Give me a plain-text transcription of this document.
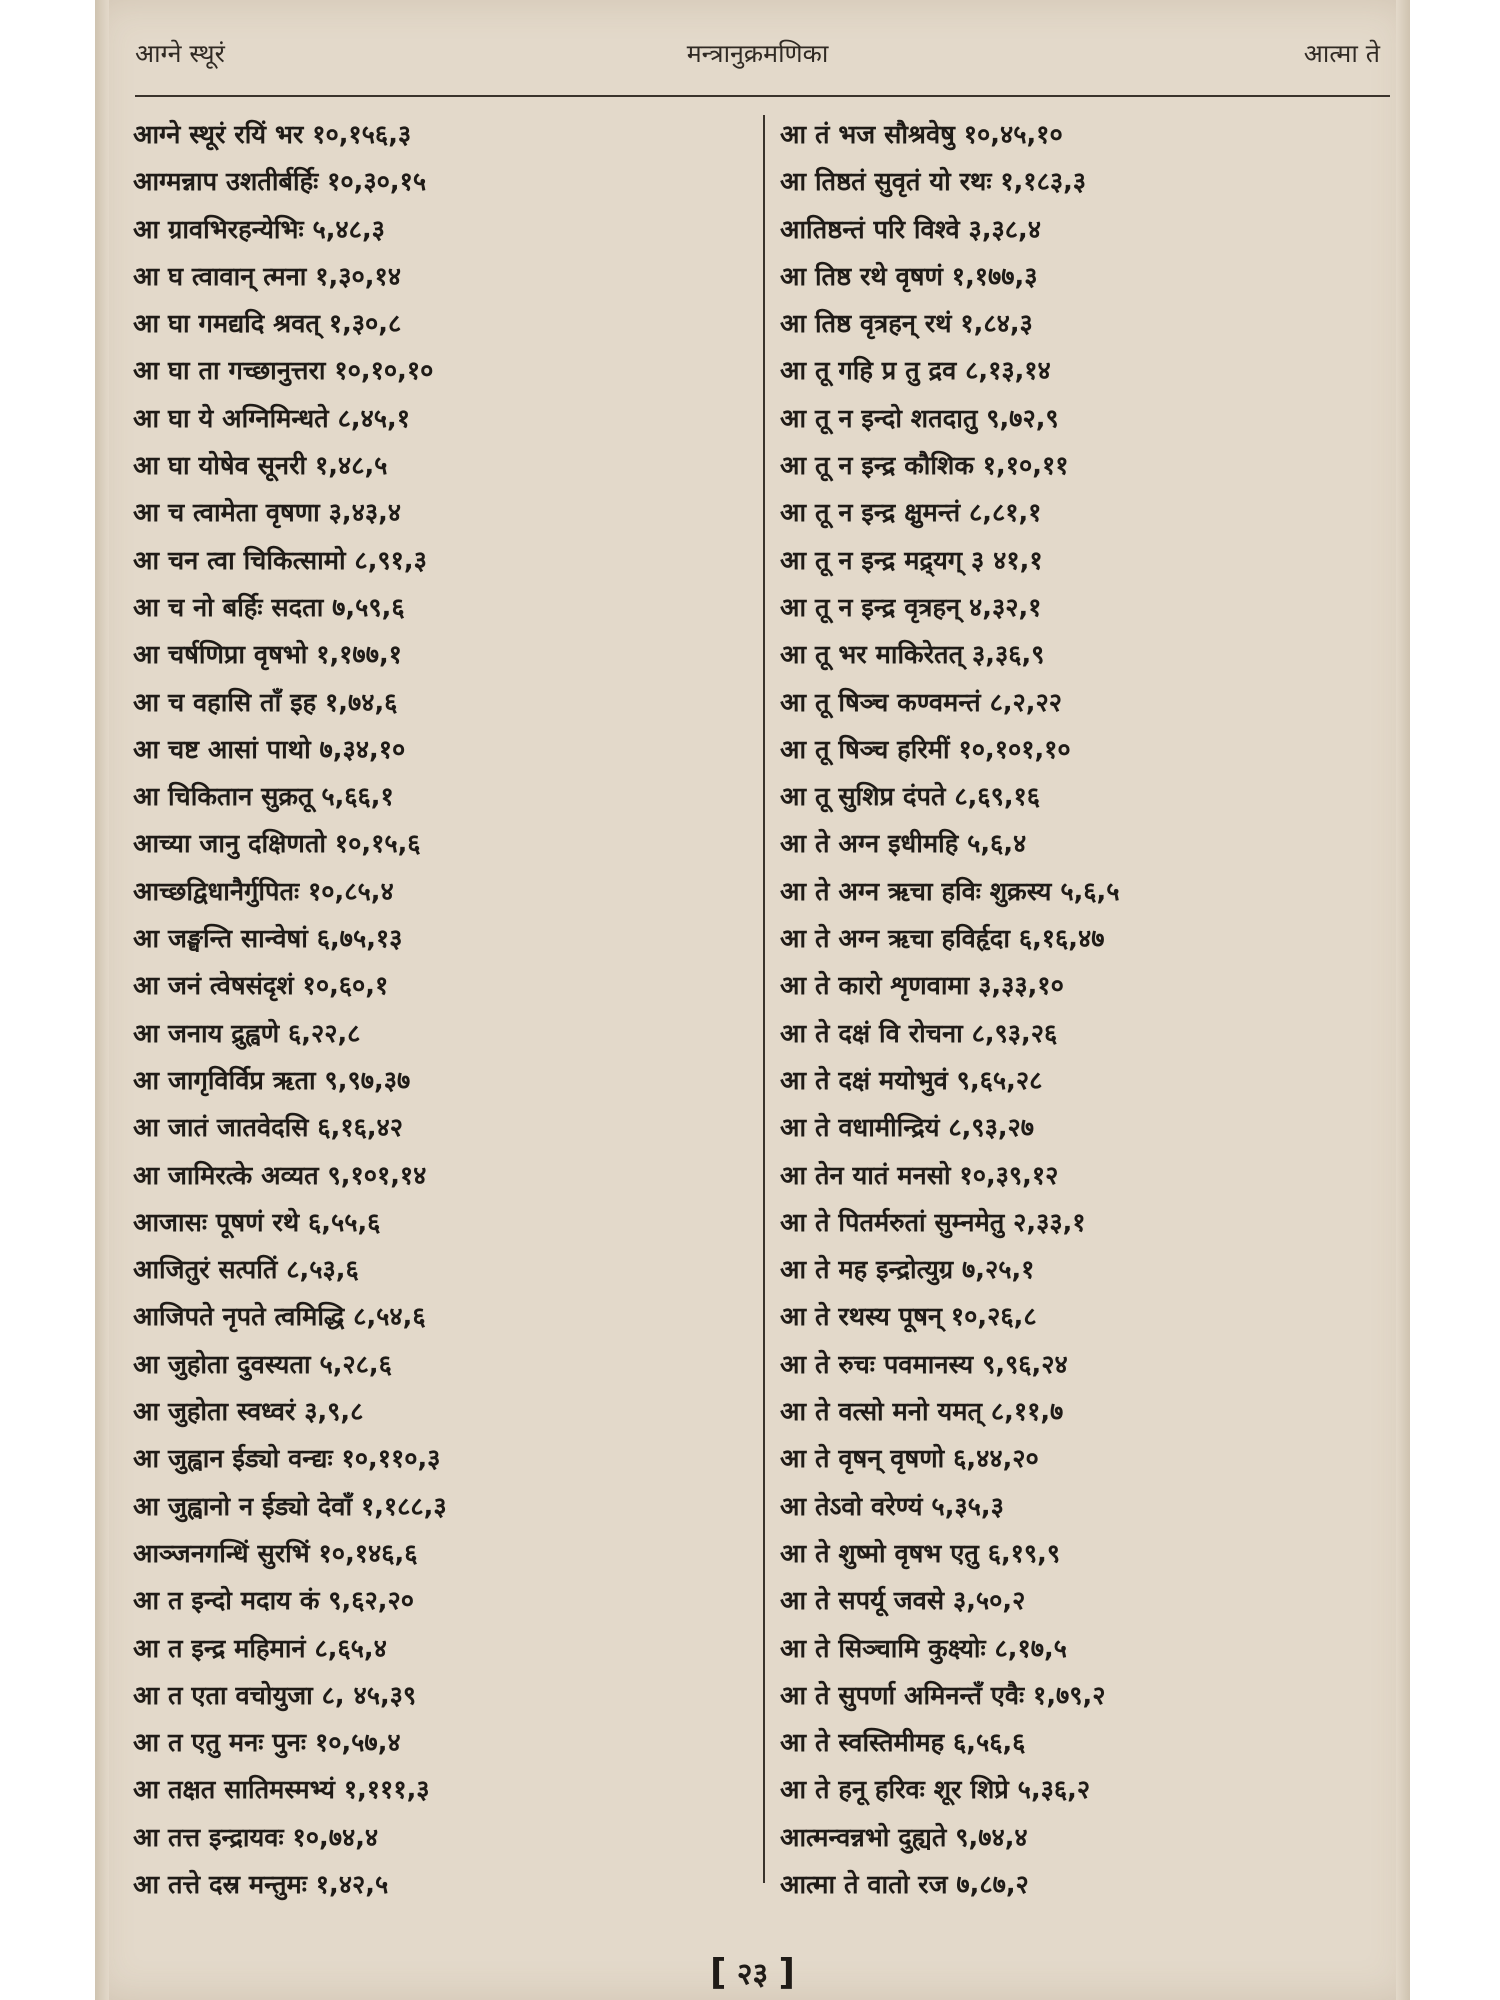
आग्ने स्थूरं	मन्त्रानुक्रमणिका	आत्मा ते
आग्ने स्थूरं रयिं भर १०,१५६,३
आग्मन्नाप उशतीर्बर्हिः १०,३०,१५
आ ग्रावभिरहन्येभिः ५,४८,३
आ घ त्वावान् त्मना १,३०,१४
आ घा गमद्यदि श्रवत् १,३०,८
आ घा ता गच्छानुत्तरा १०,१०,१०
आ घा ये अग्निमिन्धते ८,४५,१
आ घा योषेव सूनरी १,४८,५
आ च त्वामेता वृषणा ३,४३,४
आ चन त्वा चिकित्सामो ८,९१,३
आ च नो बर्हिः सदता ७,५९,६
आ चर्षणिप्रा वृषभो १,१७७,१
आ च वहासि ताँ इह १,७४,६
आ चष्ट आसां पाथो ७,३४,१०
आ चिकितान सुक्रतू ५,६६,१
आच्या जानु दक्षिणतो १०,१५,६
आच्छद्विधानैर्गुपितः १०,८५,४
आ जङ्घन्ति सान्वेषां ६,७५,१३
आ जनं त्वेषसंदृशं १०,६०,१
आ जनाय द्रुह्वणे ६,२२,८
आ जागृविर्विप्र ऋता ९,९७,३७
आ जातं जातवेदसि ६,१६,४२
आ जामिरत्के अव्यत ९,१०१,१४
आजासः पूषणं रथे ६,५५,६
आजितुरं सत्पतिं ८,५३,६
आजिपते नृपते त्वमिद्धि ८,५४,६
आ जुहोता दुवस्यता ५,२८,६
आ जुहोता स्वध्वरं ३,९,८
आ जुह्वान ईड्यो वन्द्यः १०,११०,३
आ जुह्वानो न ईड्यो देवाँ १,१८८,३
आञ्जनगन्धिं सुरभिं १०,१४६,६
आ त इन्दो मदाय कं ९,६२,२०
आ त इन्द्र महिमानं ८,६५,४
आ त एता वचोयुजा ८, ४५,३९
आ त एतु मनः पुनः १०,५७,४
आ तक्षत सातिमस्मभ्यं १,१११,३
आ तत्त इन्द्रायवः १०,७४,४
आ तत्ते दस्र मन्तुमः १,४२,५
आ तं भज सौश्रवेषु १०,४५,१०
आ तिष्ठतं सुवृतं यो रथः १,१८३,३
आतिष्ठन्तं परि विश्वे ३,३८,४
आ तिष्ठ रथे वृषणं १,१७७,३
आ तिष्ठ वृत्रहन् रथं १,८४,३
आ तू गहि प्र तु द्रव ८,१३,१४
आ तू न इन्दो शतदातु ९,७२,९
आ तू न इन्द्र कौशिक १,१०,११
आ तू न इन्द्र क्षुमन्तं ८,८१,१
आ तू न इन्द्र मद्र्यग् ३ ४१,१
आ तू न इन्द्र वृत्रहन् ४,३२,१
आ तू भर माकिरेतत् ३,३६,९
आ तू षिञ्च कण्वमन्तं ८,२,२२
आ तू षिञ्च हरिमीं १०,१०१,१०
आ तू सुशिप्र दंपते ८,६९,१६
आ ते अग्न इधीमहि ५,६,४
आ ते अग्न ऋचा हविः शुक्रस्य ५,६,५
आ ते अग्न ऋचा हविर्हृदा ६,१६,४७
आ ते कारो शृणवामा ३,३३,१०
आ ते दक्षं वि रोचना ८,९३,२६
आ ते दक्षं मयोभुवं ९,६५,२८
आ ते वधामीन्द्रियं ८,९३,२७
आ तेन यातं मनसो १०,३९,१२
आ ते पितर्मरुतां सुम्नमेतु २,३३,१
आ ते मह इन्द्रोत्युग्र ७,२५,१
आ ते रथस्य पूषन् १०,२६,८
आ ते रुचः पवमानस्य ९,९६,२४
आ ते वत्सो मनो यमत् ८,११,७
आ ते वृषन् वृषणो ६,४४,२०
आ तेऽवो वरेण्यं ५,३५,३
आ ते शुष्मो वृषभ एतु ६,१९,९
आ ते सपर्यू जवसे ३,५०,२
आ ते सिञ्चामि कुक्ष्योः ८,१७,५
आ ते सुपर्णा अमिनन्तँ एवैः १,७९,२
आ ते स्वस्तिमीमह ६,५६,६
आ ते हनू हरिवः शूर शिप्रे ५,३६,२
आत्मन्वन्नभो दुह्यते ९,७४,४
आत्मा ते वातो रज ७,८७,२
[ २३ ]
